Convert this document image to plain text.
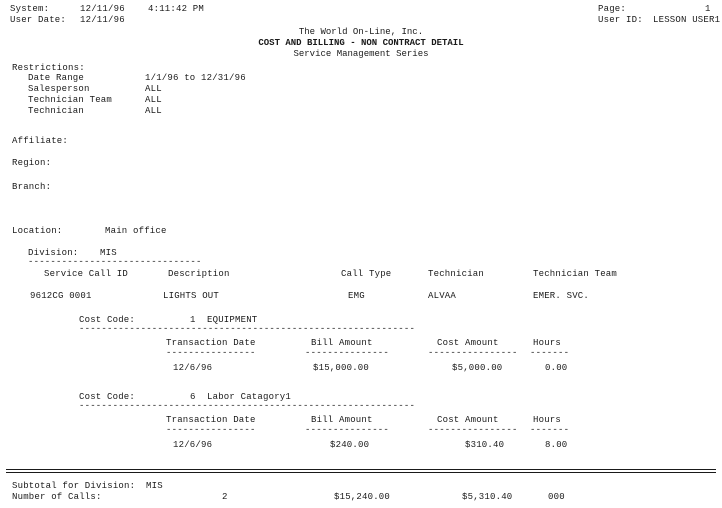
System:	12/11/96	4:11:42 PM
User Date: 12/11/96
Page:	1
User ID: LESSON USER1
The World On-Line, Inc.
COST AND BILLING - NON CONTRACT DETAIL
Service Management Series
Restrictions:
Date Range	1/1/96 to 12/31/96
Salesperson	ALL
Technician Team	ALL
Technician	ALL
Affiliate:
Region:
Branch:
Location:	Main office
Division: MIS
-------------------------------
Service Call ID	Description	Call Type	Technician	Technician Team
9612CG 0001	LIGHTS OUT	EMG	ALVAA	EMER. SVC.
Cost Code:	1 EQUIPMENT
------------------------------------------------------------
Transaction Date	Bill Amount	Cost Amount	Hours
----------------	---------------	---------------- -------
12/6/96	$15,000.00	$5,000.00	0.00
Cost Code:	6 Labor Catagory1
------------------------------------------------------------
Transaction Date	Bill Amount	Cost Amount	Hours
----------------	---------------	---------------- -------
12/6/96	$240.00	$310.40	8.00
Subtotal for Division: MIS
Number of Calls:	2	$15,240.00	$5,310.40	000
